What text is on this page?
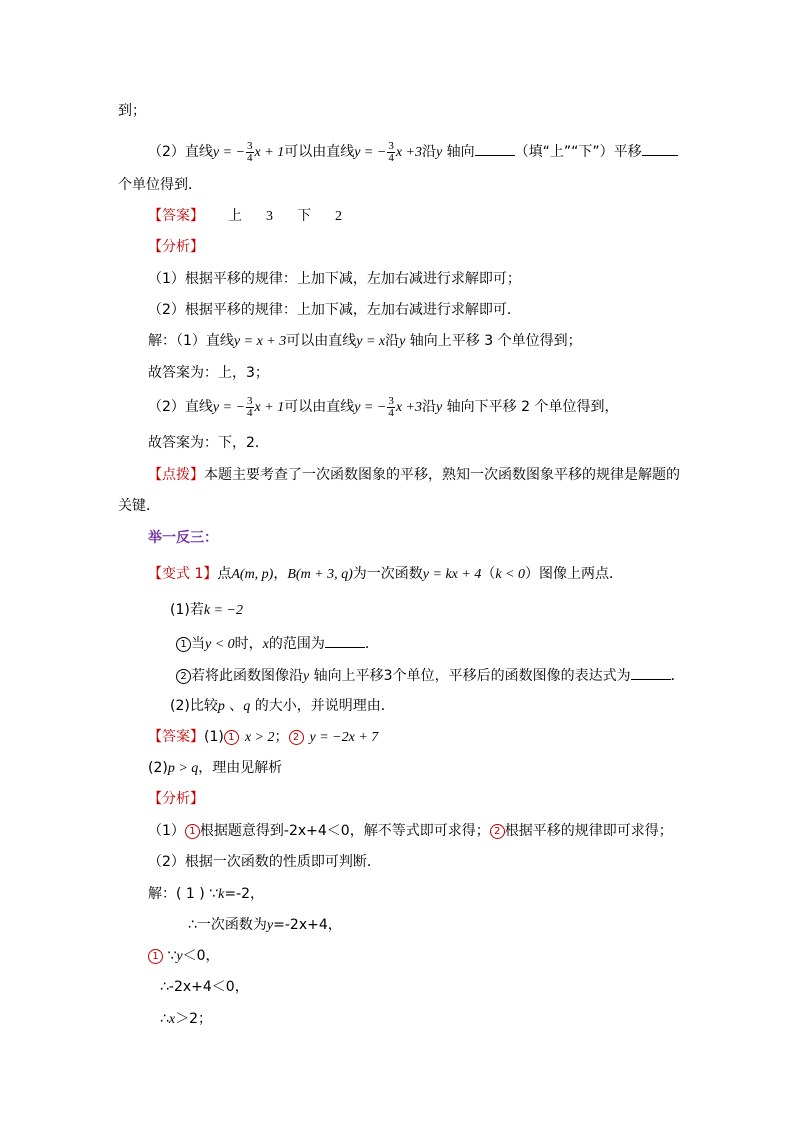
到；
（2）直线y = − $\frac{3}{4}$ x + 1可以由直线y = − $\frac{3}{4}$ x +3沿y 轴向	（填“上”“下”）平移
个单位得到．
【答案】 上 3 下 2
【分析】
（1）根据平移的规律：上加下减，左加右减进行求解即可；
（2）根据平移的规律：上加下减，左加右减进行求解即可．
解：（1）直线y = x + 3可以由直线y = x沿y 轴向上平移 3 个单位得到；
故答案为：上，3；
（2）直线y = − $\frac{3}{4}$ x + 1可以由直线y = − $\frac{3}{4}$ x +3沿y 轴向下平移 2 个单位得到，
故答案为：下，2．
【点拨】本题主要考查了一次函数图象的平移，熟知一次函数图象平移的规律是解题的
关键．
举一反三：
【变式 1】点A(m, p)，B(m + 3, q)为一次函数y = kx + 4（k < 0）图像上两点．
(1)若k = −2
1 当y < 0时，x的范围为	．
2 若将此函数图像沿y 轴向上平移3个单位，平移后的函数图像的表达式为	．
(2)比较p 、q 的大小，并说明理由．
【答案】(1) 1 x > 2； 2 y = −2x + 7
(2)p > q，理由见解析
【分析】
（1） 1 根据题意得到-2x+4＜0，解不等式即可求得； 2 根据平移的规律即可求得；
（2）根据一次函数的性质即可判断．
解：( 1 ) ∵k=-2，
∴一次函数为y=-2x+4，
1 ∵y＜0，
∴-2x+4＜0，
∴x＞2；
